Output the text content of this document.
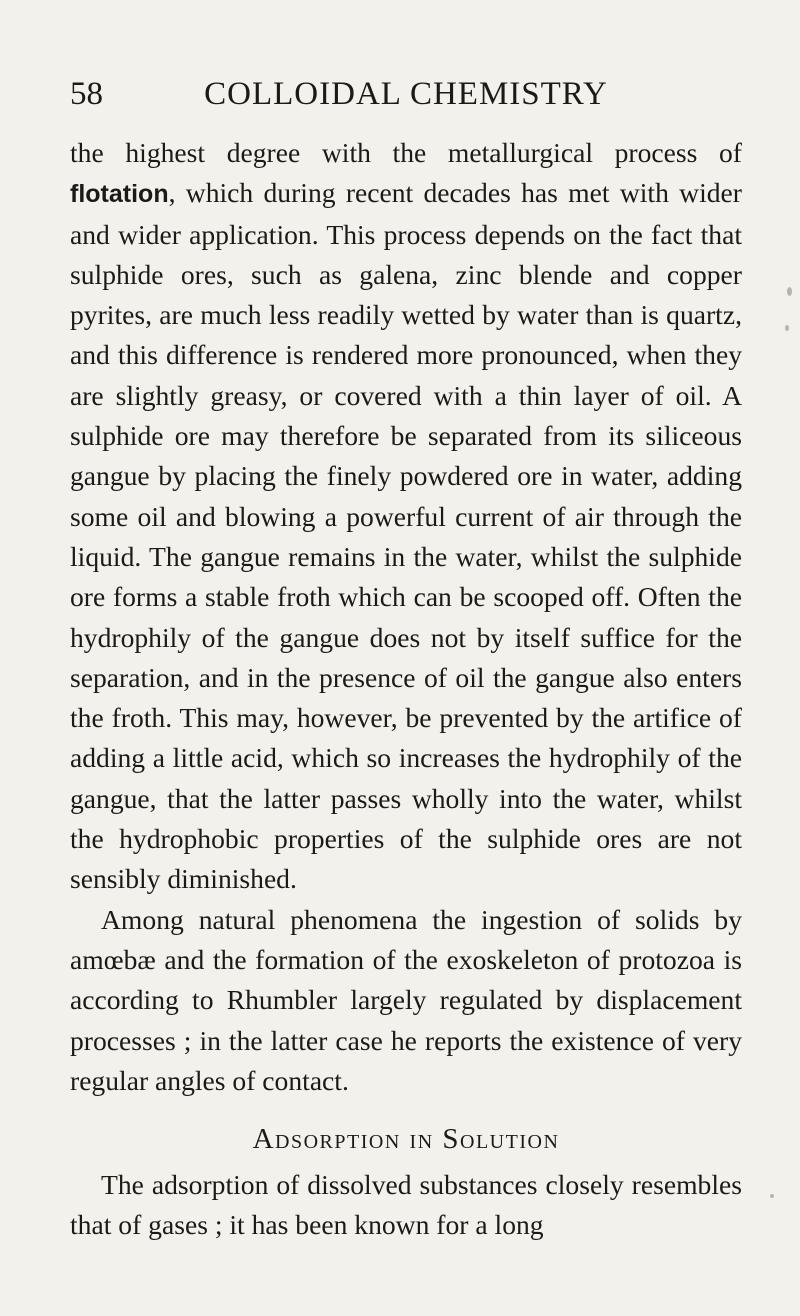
58	COLLOIDAL CHEMISTRY

the highest degree with the metallurgical process of flotation, which during recent decades has met with wider and wider application. This process depends on the fact that sulphide ores, such as galena, zinc blende and copper pyrites, are much less readily wetted by water than is quartz, and this difference is rendered more pronounced, when they are slightly greasy, or covered with a thin layer of oil. A sulphide ore may therefore be separated from its siliceous gangue by placing the finely powdered ore in water, adding some oil and blowing a powerful current of air through the liquid. The gangue remains in the water, whilst the sulphide ore forms a stable froth which can be scooped off. Often the hydrophily of the gangue does not by itself suffice for the separation, and in the presence of oil the gangue also enters the froth. This may, however, be prevented by the artifice of adding a little acid, which so increases the hydrophily of the gangue, that the latter passes wholly into the water, whilst the hydrophobic properties of the sulphide ores are not sensibly diminished.

Among natural phenomena the ingestion of solids by amœbæ and the formation of the exoskeleton of protozoa is according to Rhumbler largely regulated by displacement processes ; in the latter case he reports the existence of very regular angles of contact.

Adsorption in Solution

The adsorption of dissolved substances closely resembles that of gases ; it has been known for a long
